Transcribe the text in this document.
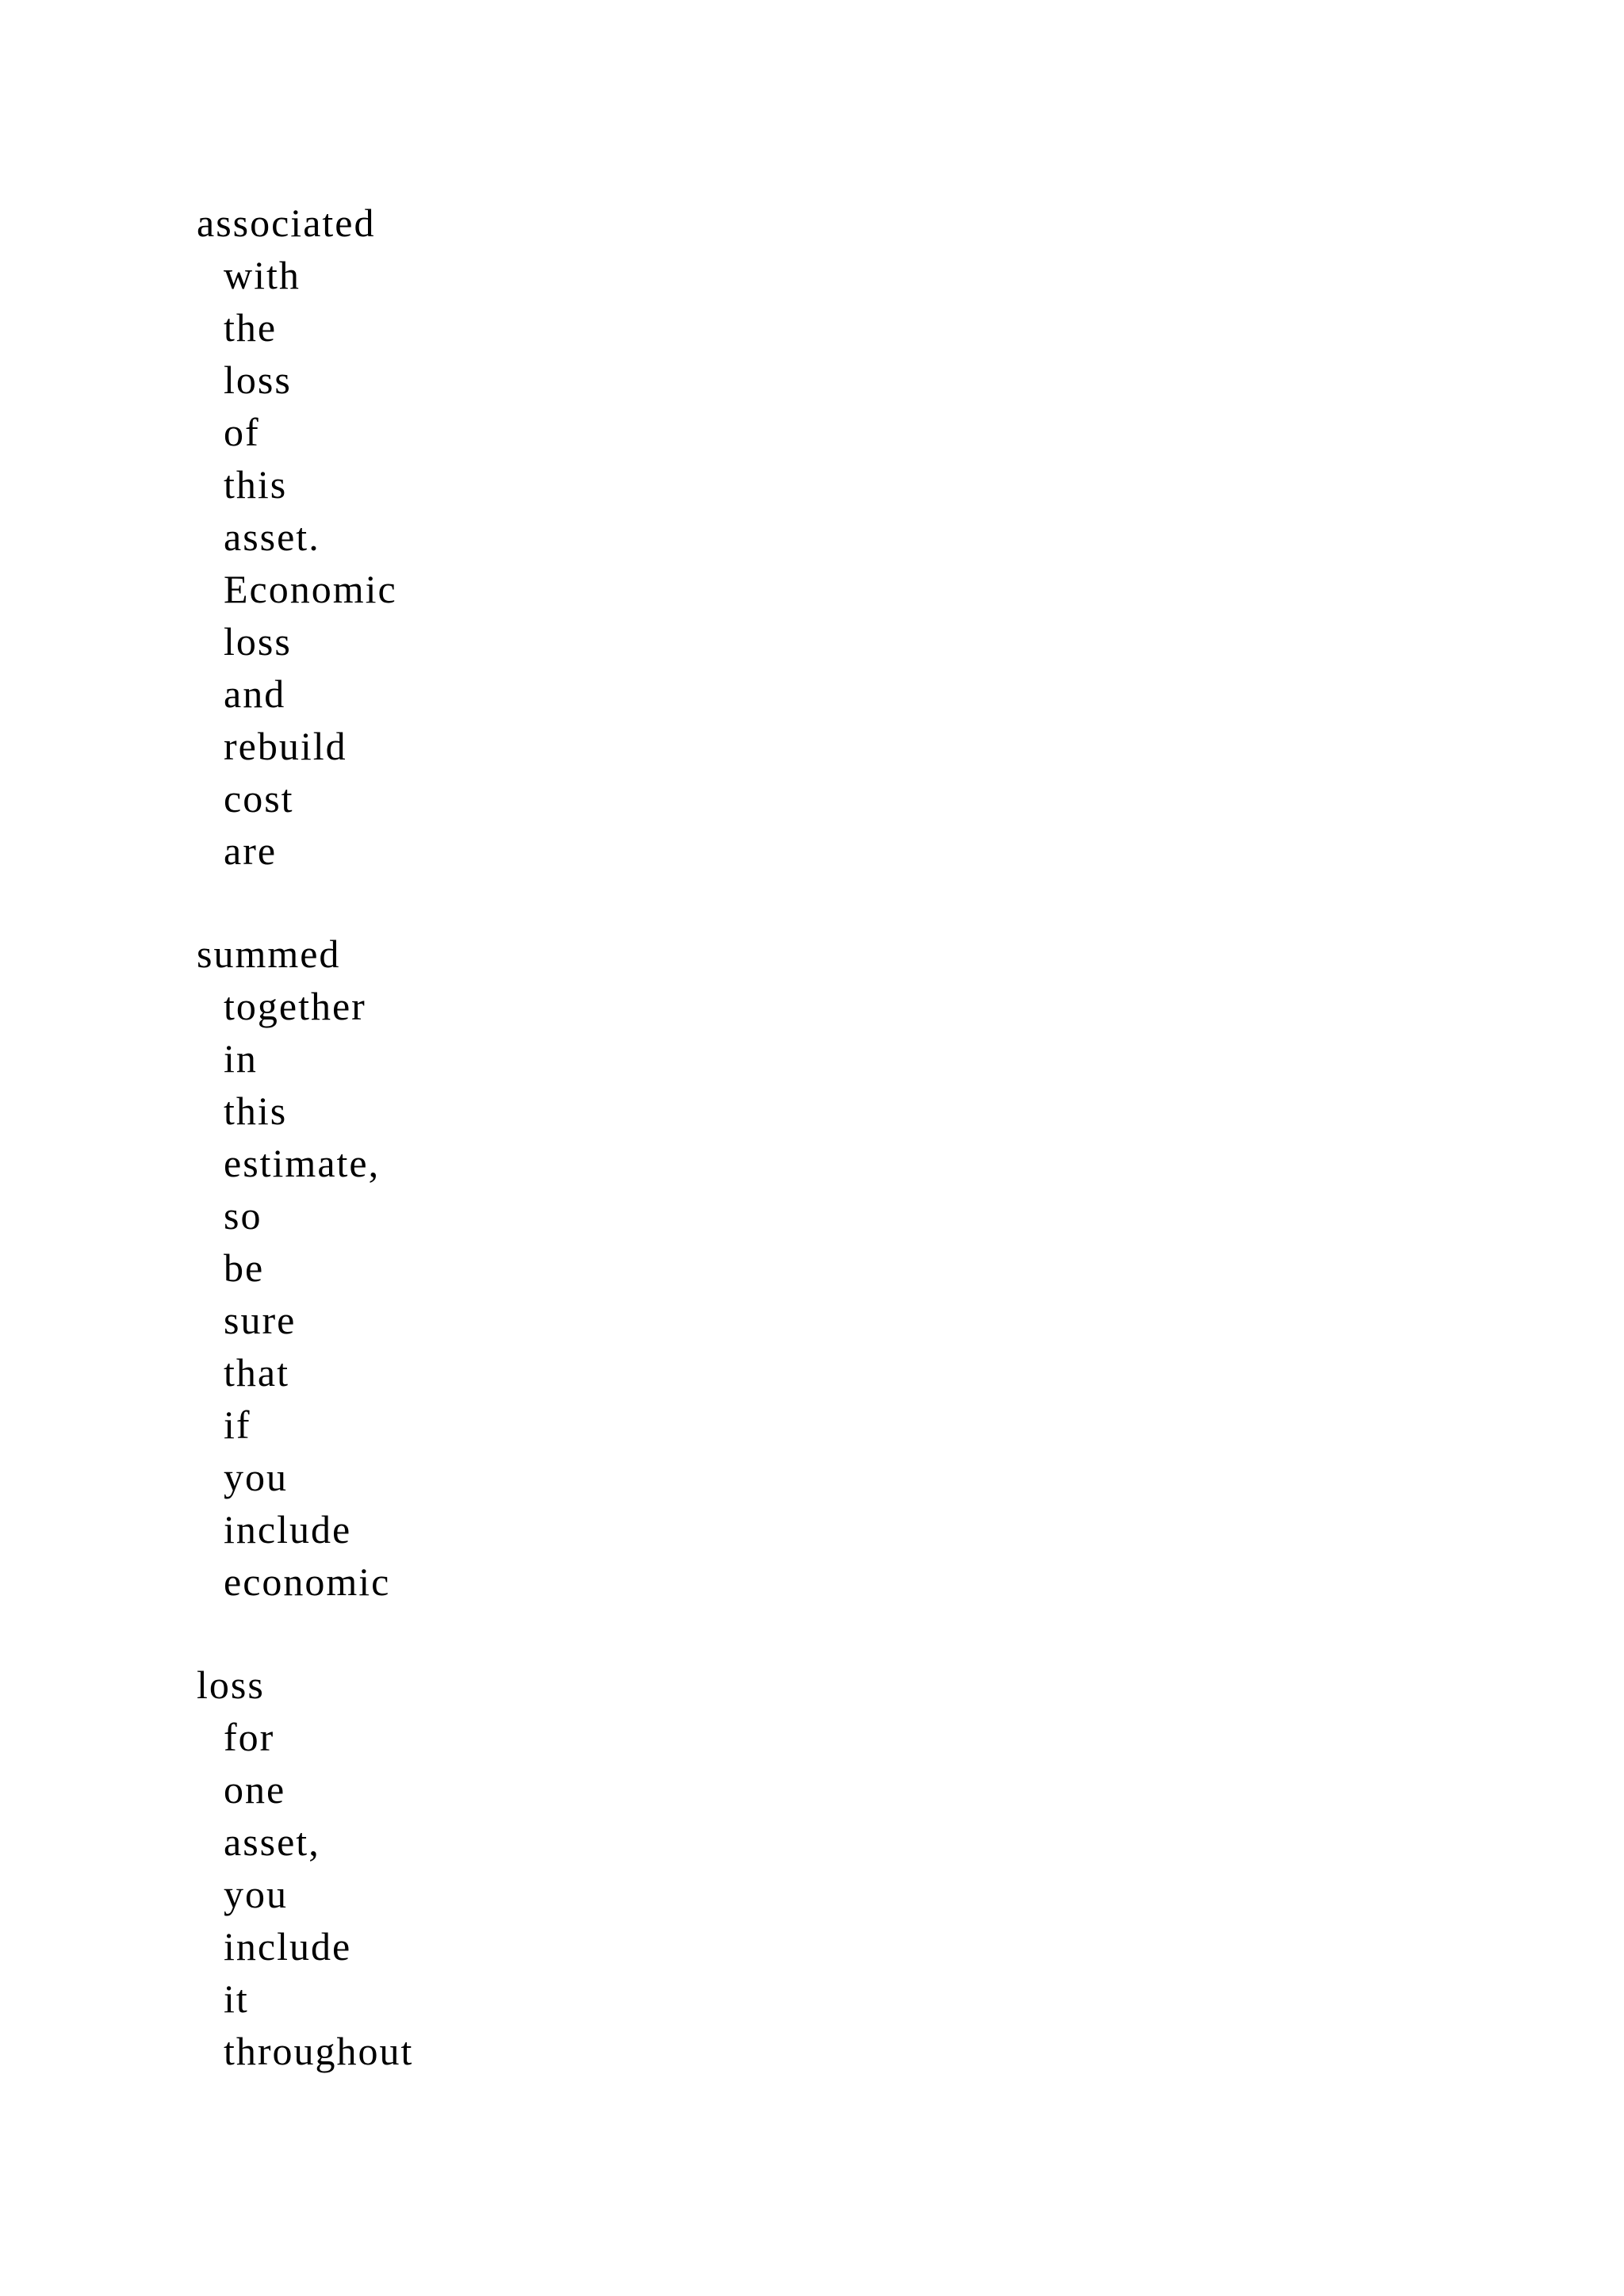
associated
with
the
loss
of
this
asset.
Economic
loss
and
rebuild
cost
are
summed
together
in
this
estimate,
so
be
sure
that
if
you
include
economic
loss
for
one
asset,
you
include
it
throughout
